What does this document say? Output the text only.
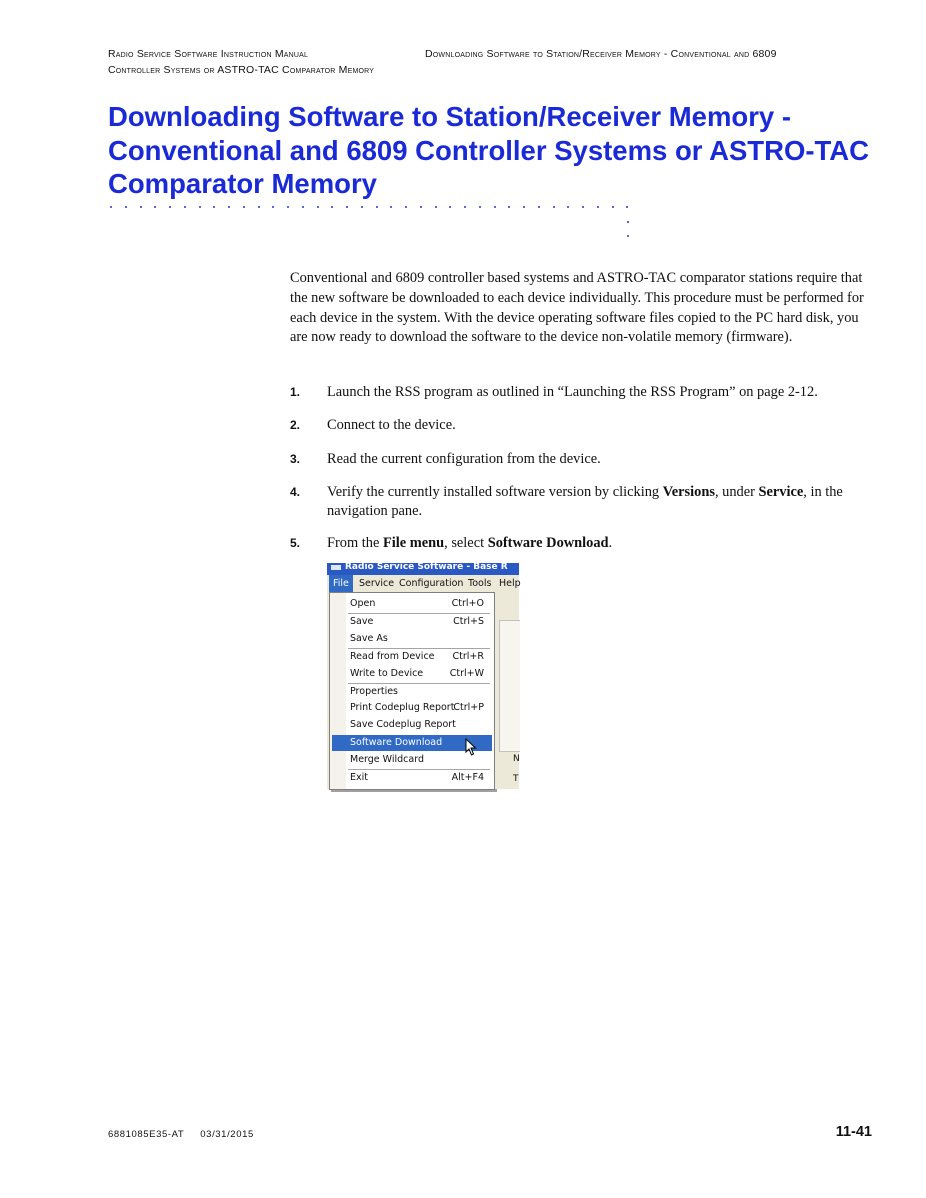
Radio Service Software Instruction Manual	Downloading Software to Station/Receiver Memory - Conventional and 6809
Controller Systems or ASTRO-TAC Comparator Memory
Downloading Software to Station/Receiver Memory -
Conventional and 6809 Controller Systems or ASTRO-TAC
Comparator Memory

Conventional and 6809 controller based systems and ASTRO-TAC comparator stations require that the new software be downloaded to each device individually. This procedure must be performed for each device in the system. With the device operating software files copied to the PC hard disk, you are now ready to download the software to the device non-volatile memory (firmware).

1. Launch the RSS program as outlined in “Launching the RSS Program” on page 2-12.
2. Connect to the device.
3. Read the current configuration from the device.
4. Verify the currently installed software version by clicking Versions, under Service, in the navigation pane.
5. From the File menu, select Software Download.
Radio Service Software - Base R
File	Service Configuration Tools Help
Open	Ctrl+O
Save	Ctrl+S
Save As
Read from Device Ctrl+R
Write to Device	Ctrl+W
Properties
Print Codeplug Report
Ctrl+P
Save Codeplug Report
Software Download
Merge Wildcard
Exit	Alt+F4
N
T
6881085E35-AT 03/31/2015	11-41
